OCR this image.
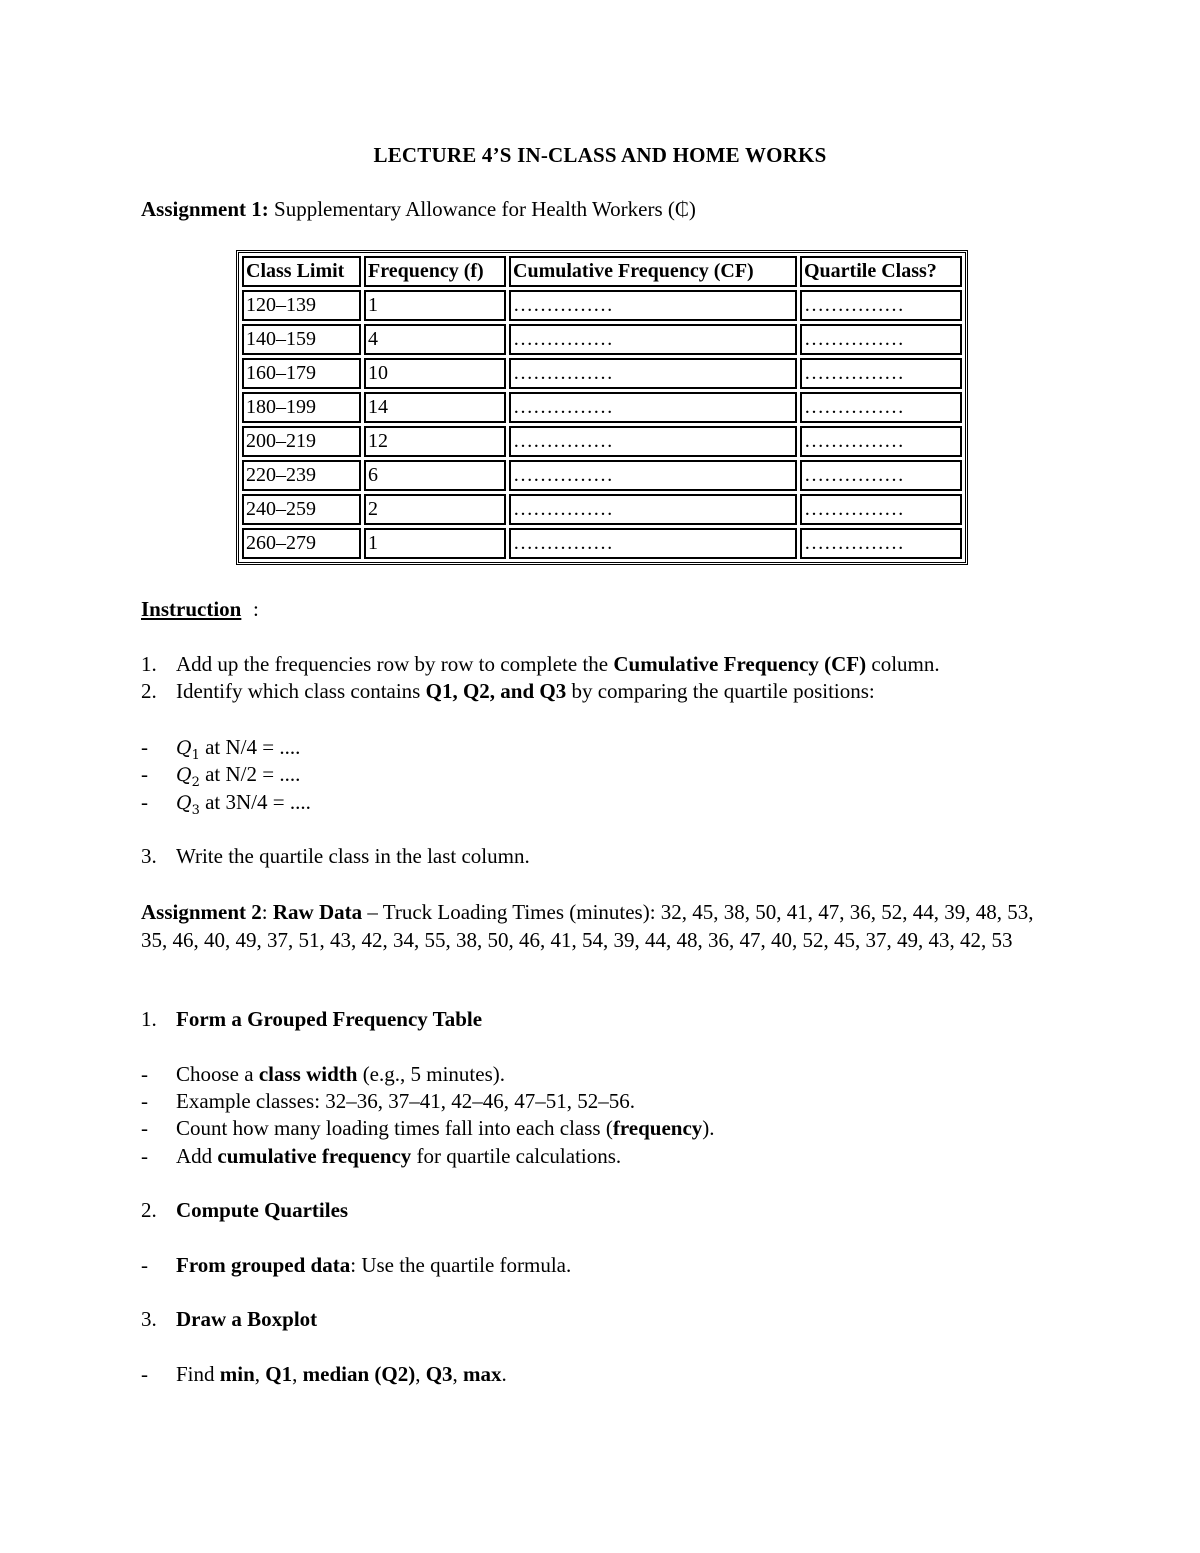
LECTURE 4’S IN-CLASS AND HOME WORKS
Assignment 1: Supplementary Allowance for Health Workers (₵)
Class Limit	Frequency (f)	Cumulative Frequency (CF)	Quartile Class?
120–139	1	……………	……………
140–159	4	……………	……………
160–179	10	……………	……………
180–199	14	……………	……………
200–219	12	……………	……………
220–239	6	……………	……………
240–259	2	……………	……………
260–279	1	……………	……………
Instruction :
1. Add up the frequencies row by row to complete the Cumulative Frequency (CF) column.
2. Identify which class contains Q1, Q2, and Q3 by comparing the quartile positions:
- $Q_1$ at N/4 = ....
- $Q_2$ at N/2 = ....
- $Q_3$ at 3N/4 = ....
3. Write the quartile class in the last column.
Assignment 2: Raw Data – Truck Loading Times (minutes): 32, 45, 38, 50, 41, 47, 36, 52, 44, 39, 48, 53, 35, 46, 40, 49, 37, 51, 43, 42, 34, 55, 38, 50, 46, 41, 54, 39, 44, 48, 36, 47, 40, 52, 45, 37, 49, 43, 42, 53
1. Form a Grouped Frequency Table
- Choose a class width (e.g., 5 minutes).
- Example classes: 32–36, 37–41, 42–46, 47–51, 52–56.
- Count how many loading times fall into each class (frequency).
- Add cumulative frequency for quartile calculations.
2. Compute Quartiles
- From grouped data: Use the quartile formula.
3. Draw a Boxplot
- Find min, Q1, median (Q2), Q3, max.
